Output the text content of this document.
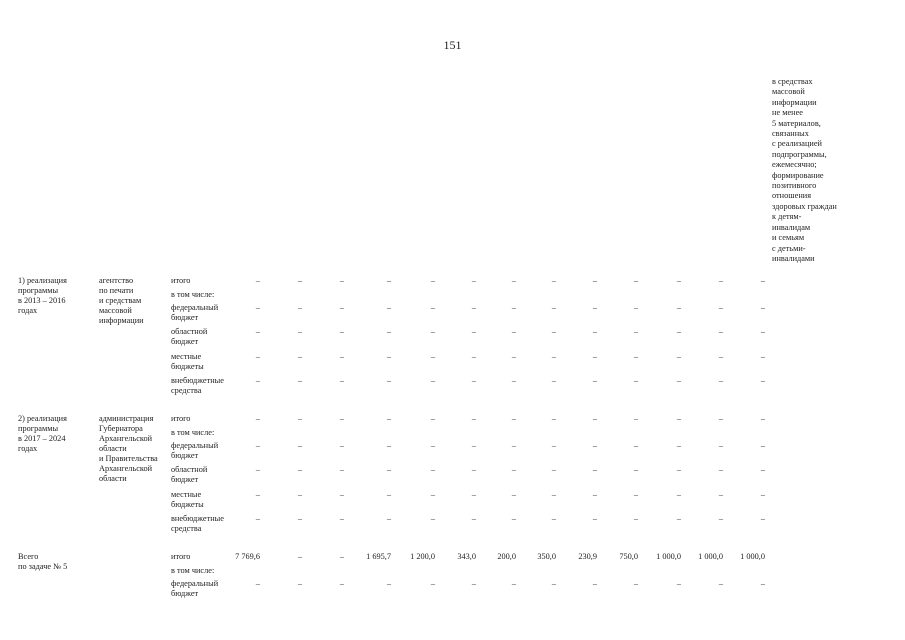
151
в средствах
массовой
информации
не менее
5 материалов,
связанных
с реализацией
подпрограммы,
ежемесячно;
формирование
позитивного
отношения
здоровых граждан
к детям-
инвалидам
и семьям
с детьми-
инвалидами
1) реализация
программы
в 2013 – 2016
годах
агентство
по печати
и средствам
массовой
информации
итого	–	–	–	–	–	–	–	–	–	–	–	–	–
в том числе:
федеральный
бюджет
–	–	–	–	–	–	–	–	–	–	–	–	–
областной
бюджет
–	–	–	–	–	–	–	–	–	–	–	–	–
местные
бюджеты
–	–	–	–	–	–	–	–	–	–	–	–	–
внебюджетные
средства
–	–	–	–	–	–	–	–	–	–	–	–	–
2) реализация
программы
в 2017 – 2024
годах
администрация
Губернатора
Архангельской
области
и Правительства
Архангельской
области
итого	–	–	–	–	–	–	–	–	–	–	–	–	–
в том числе:
федеральный
бюджет
–	–	–	–	–	–	–	–	–	–	–	–	–
областной
бюджет
–	–	–	–	–	–	–	–	–	–	–	–	–
местные
бюджеты
–	–	–	–	–	–	–	–	–	–	–	–	–
внебюджетные
средства
–	–	–	–	–	–	–	–	–	–	–	–	–
Всего
по задаче № 5
итого	7 769,6	–	–	1 695,7	1 200,0	343,0	200,0	350,0	230,9	750,0	1 000,0	1 000,0	1 000,0
в том числе:
федеральный
бюджет
–	–	–	–	–	–	–	–	–	–	–	–	–
